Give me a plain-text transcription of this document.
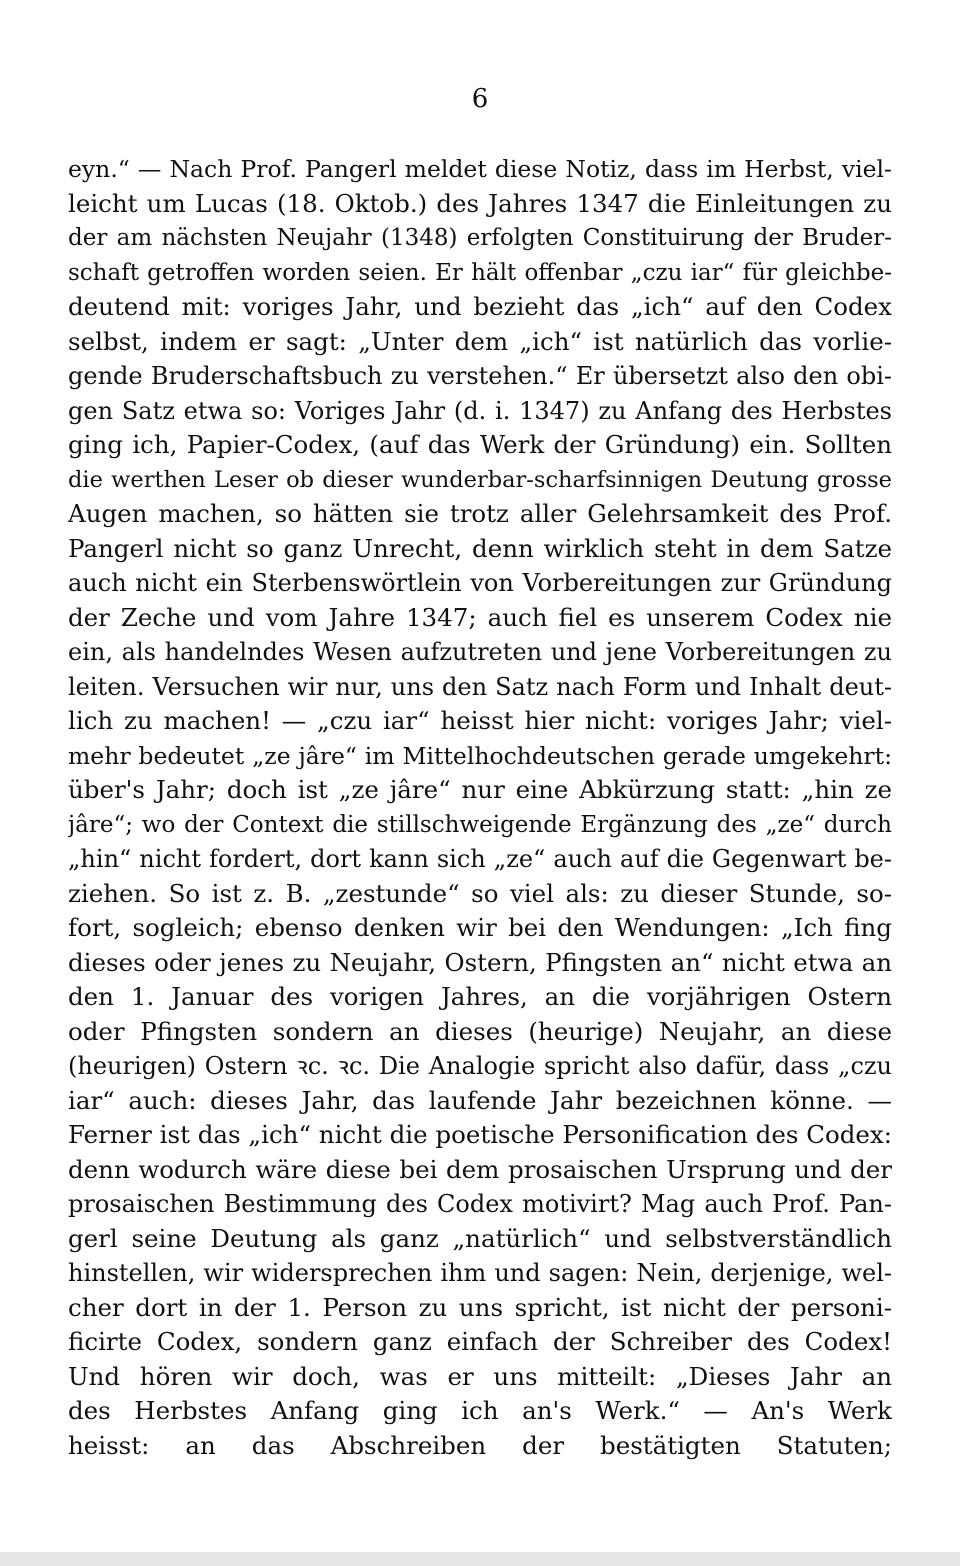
6
eyn.“ — Nach Prof. Pangerl meldet diese Notiz, dass im Herbst, viel-
leicht um Lucas (18. Oktob.) des Jahres 1347 die Einleitungen zu
der am nächsten Neujahr (1348) erfolgten Constituirung der Bruder-
schaft getroffen worden seien. Er hält offenbar „czu iar“ für gleichbe-
deutend mit: voriges Jahr, und bezieht das „ich“ auf den Codex
selbst, indem er sagt: „Unter dem „ich“ ist natürlich das vorlie-
gende Bruderschaftsbuch zu verstehen.“ Er übersetzt also den obi-
gen Satz etwa so: Voriges Jahr (d. i. 1347) zu Anfang des Herbstes
ging ich, Papier-Codex, (auf das Werk der Gründung) ein. Sollten
die werthen Leser ob dieser wunderbar-scharfsinnigen Deutung grosse
Augen machen, so hätten sie trotz aller Gelehrsamkeit des Prof.
Pangerl nicht so ganz Unrecht, denn wirklich steht in dem Satze
auch nicht ein Sterbenswörtlein von Vorbereitungen zur Gründung
der Zeche und vom Jahre 1347; auch fiel es unserem Codex nie
ein, als handelndes Wesen aufzutreten und jene Vorbereitungen zu
leiten. Versuchen wir nur, uns den Satz nach Form und Inhalt deut-
lich zu machen! — „czu iar“ heisst hier nicht: voriges Jahr; viel-
mehr bedeutet „ze jâre“ im Mittelhochdeutschen gerade umgekehrt:
über's Jahr; doch ist „ze jâre“ nur eine Abkürzung statt: „hin ze
jâre“; wo der Context die stillschweigende Ergänzung des „ze“ durch
„hin“ nicht fordert, dort kann sich „ze“ auch auf die Gegenwart be-
ziehen. So ist z. B. „zestunde“ so viel als: zu dieser Stunde, so-
fort, sogleich; ebenso denken wir bei den Wendungen: „Ich fing
dieses oder jenes zu Neujahr, Ostern, Pfingsten an“ nicht etwa an
den 1. Januar des vorigen Jahres, an die vorjährigen Ostern
oder Pfingsten sondern an dieses (heurige) Neujahr, an diese
(heurigen) Ostern ꝛc. ꝛc. Die Analogie spricht also dafür, dass „czu
iar“ auch: dieses Jahr, das laufende Jahr bezeichnen könne. —
Ferner ist das „ich“ nicht die poetische Personification des Codex:
denn wodurch wäre diese bei dem prosaischen Ursprung und der
prosaischen Bestimmung des Codex motivirt? Mag auch Prof. Pan-
gerl seine Deutung als ganz „natürlich“ und selbstverständlich
hinstellen, wir widersprechen ihm und sagen: Nein, derjenige, wel-
cher dort in der 1. Person zu uns spricht, ist nicht der personi-
ficirte Codex, sondern ganz einfach der Schreiber des Codex!
Und hören wir doch, was er uns mitteilt: „Dieses Jahr an
des Herbstes Anfang ging ich an's Werk.“ — An's Werk
heisst: an das Abschreiben der bestätigten Statuten;
